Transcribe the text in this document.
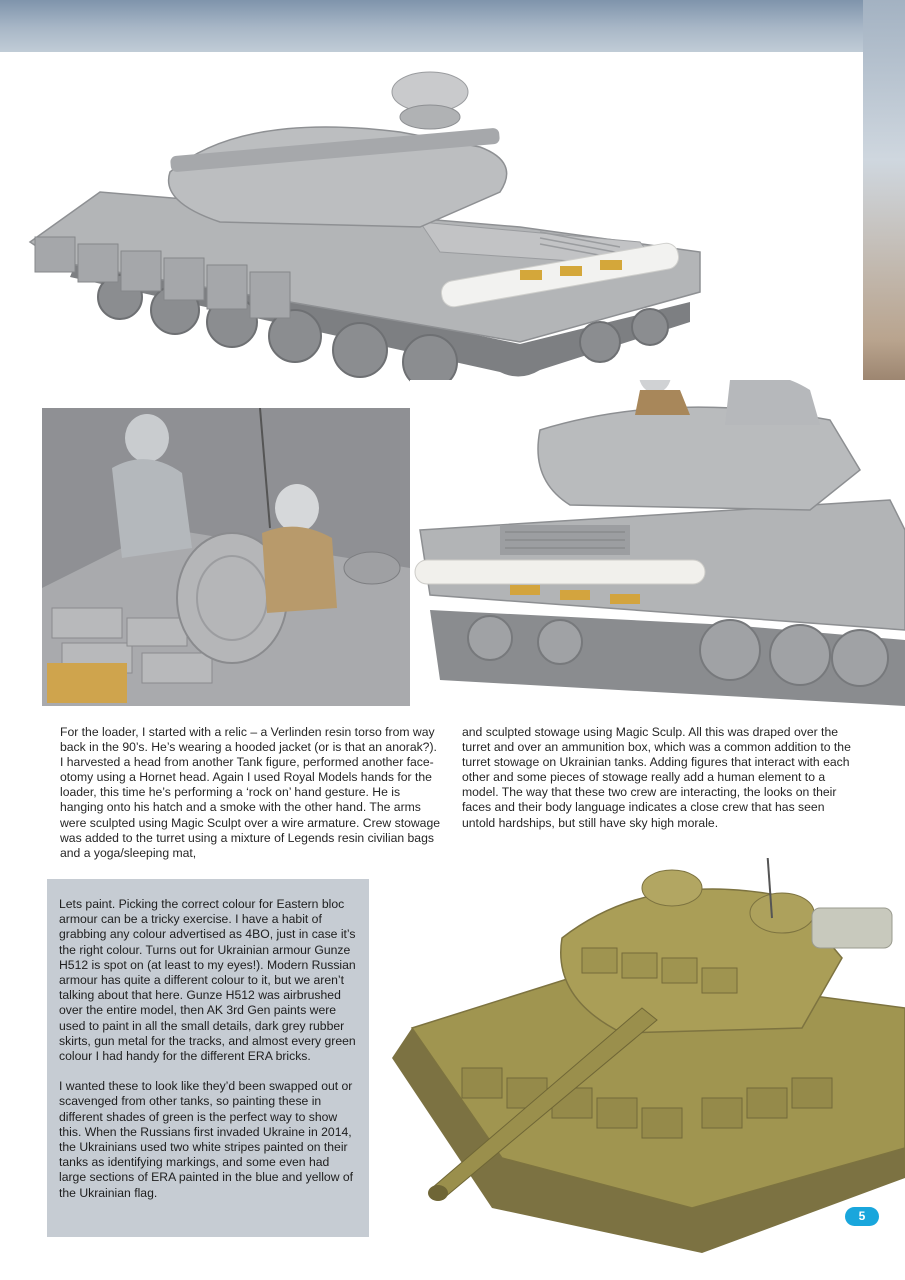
For the loader, I started with a relic – a Verlinden resin torso from way back in the 90’s. He’s wearing a hooded jacket (or is that an anorak?). I harvested a head from another Tank figure, performed another face-otomy using a Hornet head. Again I used Royal Models hands for the loader, this time he’s performing a ‘rock on’ hand gesture. He is hanging onto his hatch and a smoke with the other hand. The arms were sculpted using Magic Sculpt over a wire armature. Crew stowage was added to the turret using a mixture of Legends resin civilian bags and a yoga/sleeping mat,
and sculpted stowage using Magic Sculp. All this was draped over the turret and over an ammunition box, which was a common addition to the turret stowage on Ukrainian tanks. Adding figures that interact with each other and some pieces of stowage really add a human element to a model. The way that these two crew are interacting, the looks on their faces and their body language indicates a close crew that has seen untold hardships, but still have sky high morale.

Lets paint. Picking the correct colour for Eastern bloc armour can be a tricky exercise. I have a habit of grabbing any colour advertised as 4BO, just in case it’s the right colour. Turns out for Ukrainian armour Gunze H512 is spot on (at least to my eyes!). Modern Russian armour has quite a different colour to it, but we aren’t talking about that here. Gunze H512 was airbrushed over the entire model, then AK 3rd Gen paints were used to paint in all the small details, dark grey rubber skirts, gun metal for the tracks, and almost every green colour I had handy for the different ERA bricks.

I wanted these to look like they’d been swapped out or scavenged from other tanks, so painting these in different shades of green is the perfect way to show this. When the Russians first invaded Ukraine in 2014, the Ukrainians used two white stripes painted on their tanks as identifying markings, and some even had large sections of ERA painted in the blue and yellow of the Ukrainian flag.

5
